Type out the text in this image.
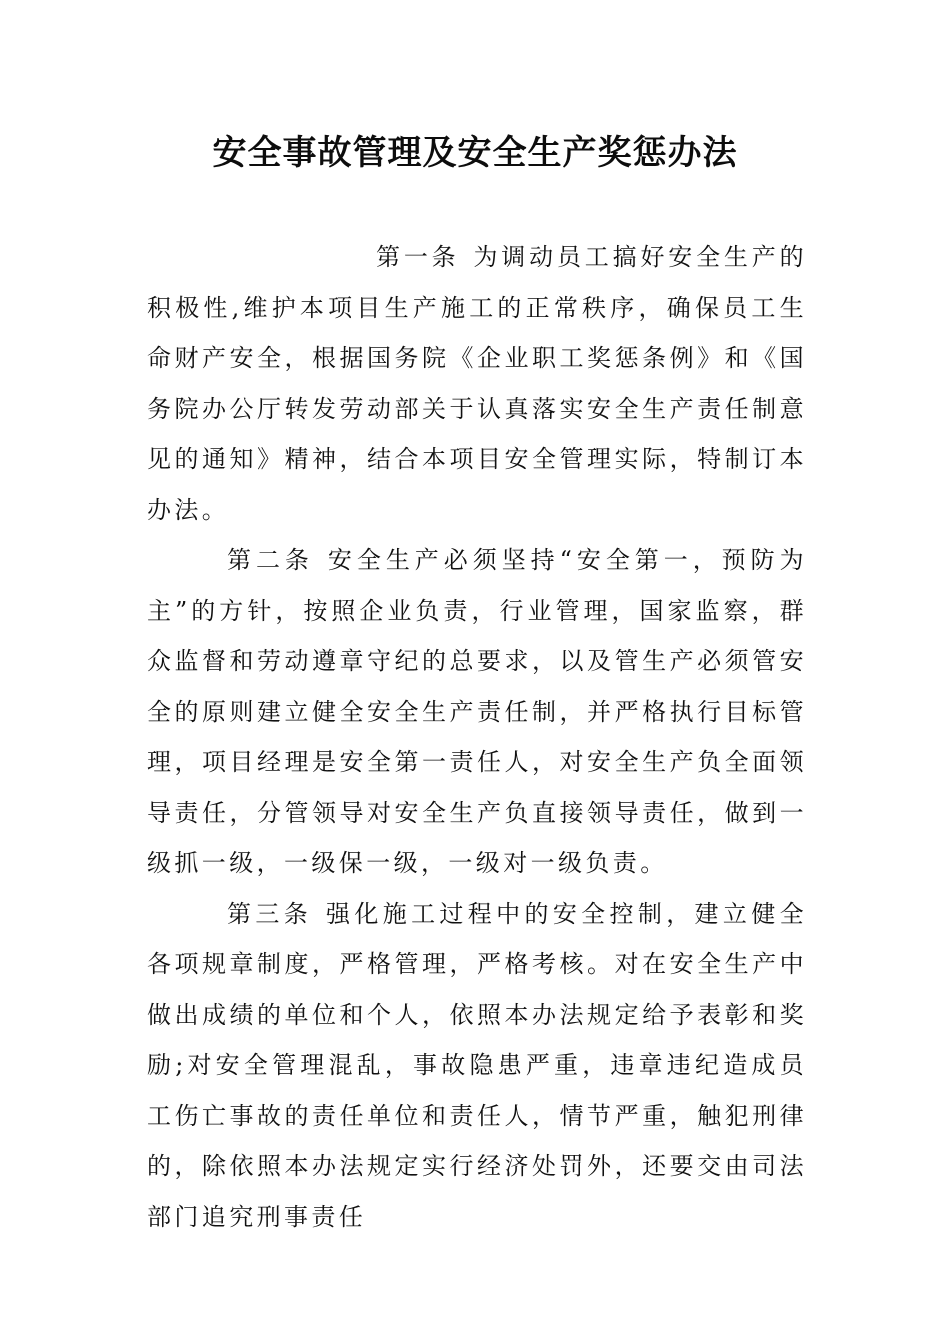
安全事故管理及安全生产奖惩办法

第一条 为调动员工搞好安全生产的积极性,维护本项目生产施工的正常秩序，确保员工生命财产安全，根据国务院《企业职工奖惩条例》和《国务院办公厅转发劳动部关于认真落实安全生产责任制意见的通知》精神，结合本项目安全管理实际，特制订本办法。

第二条 安全生产必须坚持“安全第一，预防为主”的方针，按照企业负责，行业管理，国家监察，群众监督和劳动遵章守纪的总要求，以及管生产必须管安全的原则建立健全安全生产责任制，并严格执行目标管理，项目经理是安全第一责任人，对安全生产负全面领导责任，分管领导对安全生产负直接领导责任，做到一级抓一级，一级保一级，一级对一级负责。

第三条 强化施工过程中的安全控制，建立健全各项规章制度，严格管理，严格考核。对在安全生产中做出成绩的单位和个人，依照本办法规定给予表彰和奖励;对安全管理混乱，事故隐患严重，违章违纪造成员工伤亡事故的责任单位和责任人，情节严重，触犯刑律的，除依照本办法规定实行经济处罚外，还要交由司法部门追究刑事责任
